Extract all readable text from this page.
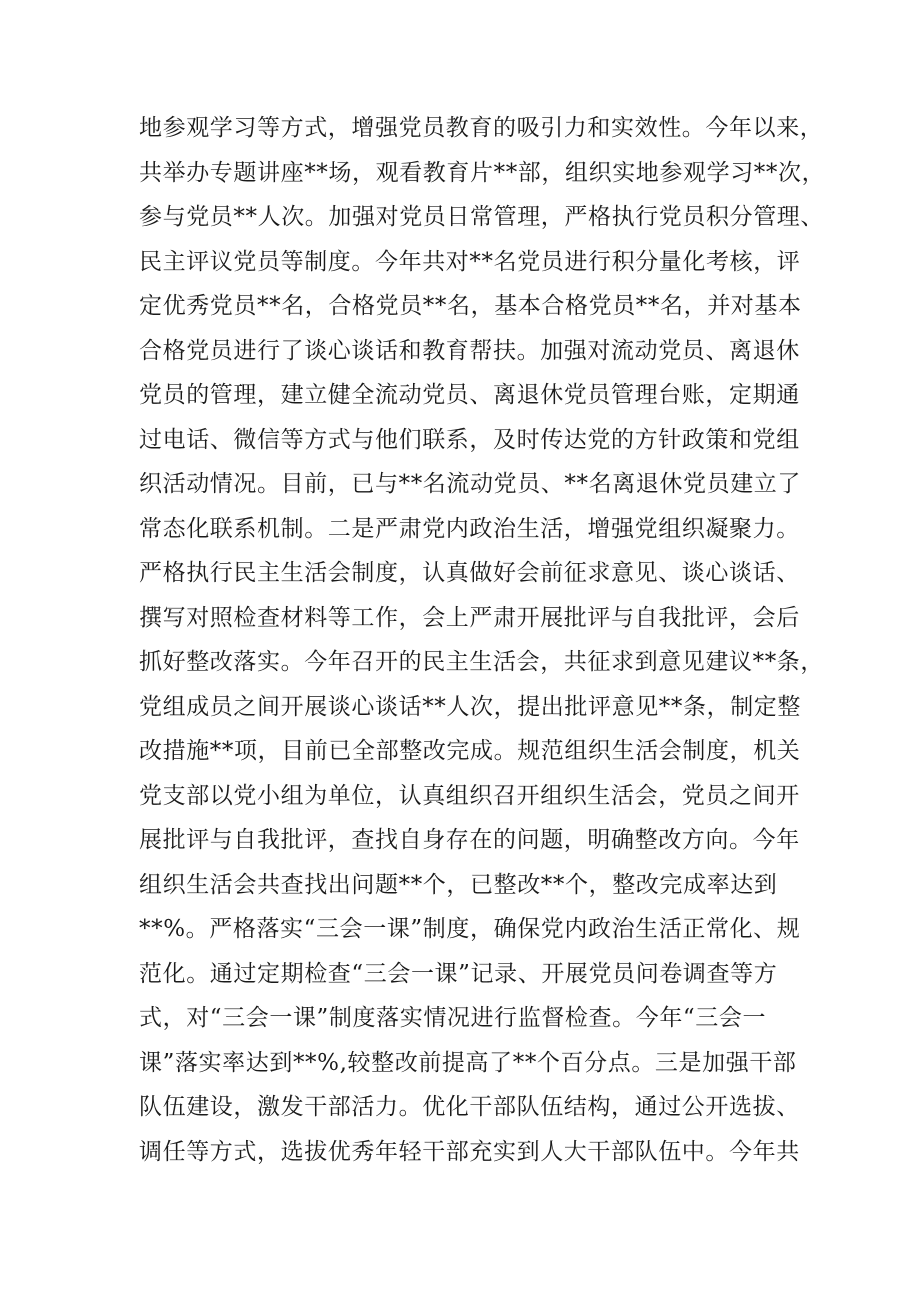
地参观学习等方式，增强党员教育的吸引力和实效性。今年以来，
共举办专题讲座**场，观看教育片**部，组织实地参观学习**次，
参与党员**人次。加强对党员日常管理，严格执行党员积分管理、
民主评议党员等制度。今年共对**名党员进行积分量化考核，评
定优秀党员**名，合格党员**名，基本合格党员**名，并对基本
合格党员进行了谈心谈话和教育帮扶。加强对流动党员、离退休
党员的管理，建立健全流动党员、离退休党员管理台账，定期通
过电话、微信等方式与他们联系，及时传达党的方针政策和党组
织活动情况。目前，已与**名流动党员、**名离退休党员建立了
常态化联系机制。二是严肃党内政治生活，增强党组织凝聚力。
严格执行民主生活会制度，认真做好会前征求意见、谈心谈话、
撰写对照检查材料等工作，会上严肃开展批评与自我批评，会后
抓好整改落实。今年召开的民主生活会，共征求到意见建议**条，
党组成员之间开展谈心谈话**人次，提出批评意见**条，制定整
改措施**项，目前已全部整改完成。规范组织生活会制度，机关
党支部以党小组为单位，认真组织召开组织生活会，党员之间开
展批评与自我批评，查找自身存在的问题，明确整改方向。今年
组织生活会共查找出问题**个，已整改**个，整改完成率达到
**%。严格落实“三会一课”制度，确保党内政治生活正常化、规
范化。通过定期检查“三会一课”记录、开展党员问卷调查等方
式，对“三会一课”制度落实情况进行监督检查。今年“三会一
课”落实率达到**%,较整改前提高了**个百分点。三是加强干部
队伍建设，激发干部活力。优化干部队伍结构，通过公开选拔、
调任等方式，选拔优秀年轻干部充实到人大干部队伍中。今年共
